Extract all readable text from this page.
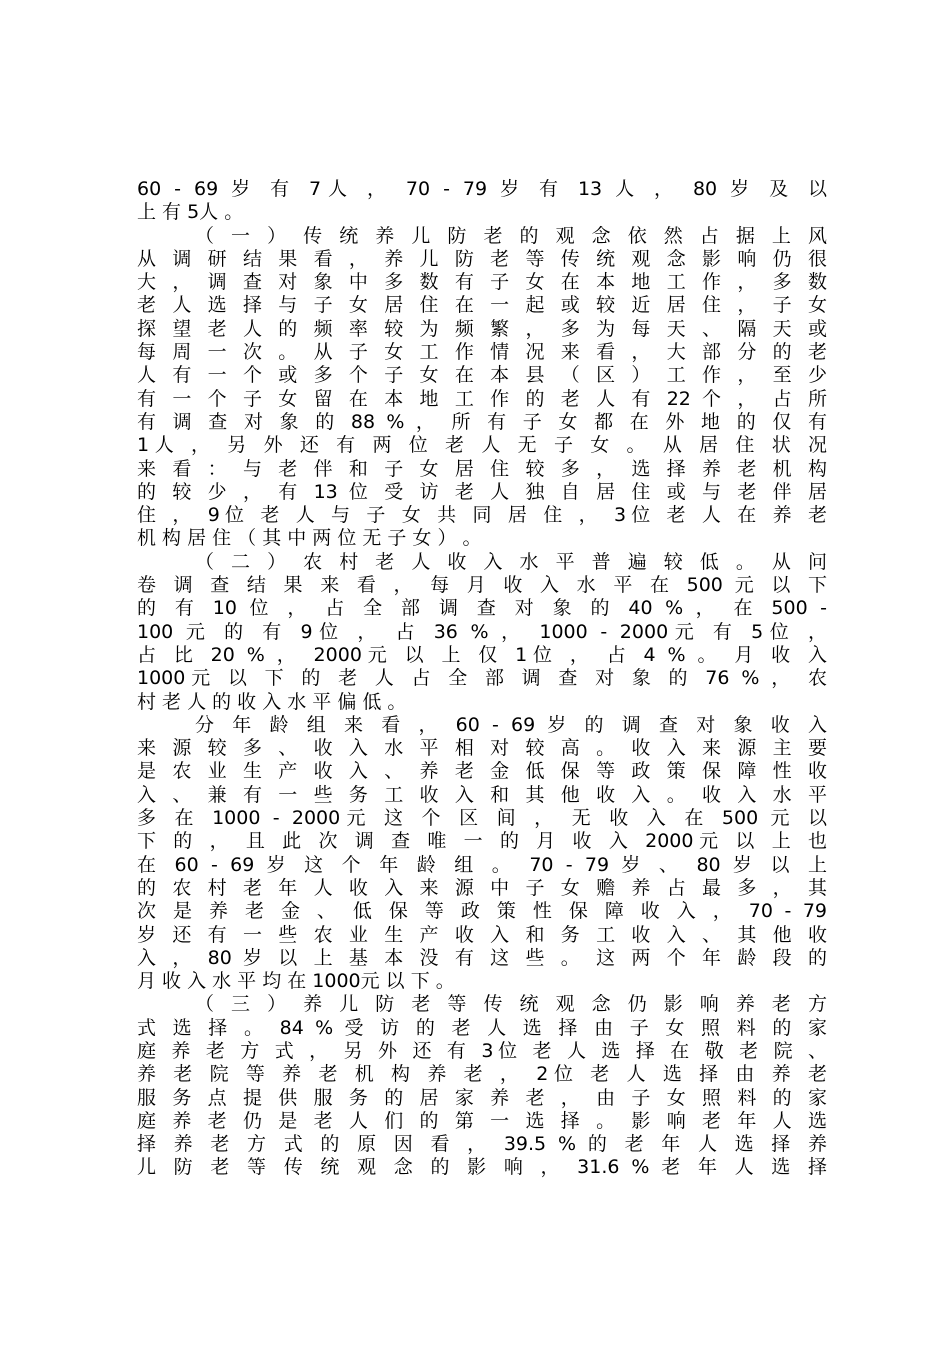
60 - 69 岁 有 7人 ， 70 - 79 岁 有 13 人 ， 80 岁 及 以
上 有 5人 。
（ 一 ） 传 统 养 儿 防 老 的 观 念 依 然 占 据 上 风
从 调 研 结 果 看 ， 养 儿 防 老 等 传 统 观 念 影 响 仍 很
大 ， 调 查 对 象 中 多 数 有 子 女 在 本 地 工 作 ， 多 数
老 人 选 择 与 子 女 居 住 在 一 起 或 较 近 居 住 ， 子 女
探 望 老 人 的 频 率 较 为 频 繁 ， 多 为 每 天 、 隔 天 或
每 周 一 次 。 从 子 女 工 作 情 况 来 看 ， 大 部 分 的 老
人 有 一 个 或 多 个 子 女 在 本 县 （ 区 ） 工 作 ， 至 少
有 一 个 子 女 留 在 本 地 工 作 的 老 人 有 22 个 ， 占 所
有 调 查 对 象 的 88 % ， 所 有 子 女 都 在 外 地 的 仅 有
1人 ， 另 外 还 有 两 位 老 人 无 子 女 。 从 居 住 状 况
来 看 ： 与 老 伴 和 子 女 居 住 较 多 ， 选 择 养 老 机 构
的 较 少 ， 有 13 位 受 访 老 人 独 自 居 住 或 与 老 伴 居
住 ， 9位 老 人 与 子 女 共 同 居 住 ， 3位 老 人 在 养 老
机 构 居 住 （ 其 中 两 位 无 子 女 ） 。
（ 二 ） 农 村 老 人 收 入 水 平 普 遍 较 低 。 从 问
卷 调 查 结 果 来 看 ， 每 月 收 入 水 平 在 500 元 以 下
的 有 10 位 ， 占 全 部 调 查 对 象 的 40 % ， 在 500 -
100 元 的 有 9位 ， 占 36 % ， 1000 - 2000元 有 5位 ，
占 比 20 % ， 2000元 以 上 仅 1位 ， 占 4 % 。 月 收 入
1000元 以 下 的 老 人 占 全 部 调 查 对 象 的 76 % ， 农
村 老 人 的 收 入 水 平 偏 低 。
分 年 龄 组 来 看 ， 60 - 69 岁 的 调 查 对 象 收 入
来 源 较 多 、 收 入 水 平 相 对 较 高 。 收 入 来 源 主 要
是 农 业 生 产 收 入 、 养 老 金 低 保 等 政 策 保 障 性 收
入 、 兼 有 一 些 务 工 收 入 和 其 他 收 入 。 收 入 水 平
多 在 1000 - 2000元 这 个 区 间 ， 无 收 入 在 500 元 以
下 的 ， 且 此 次 调 查 唯 一 的 月 收 入 2000元 以 上 也
在 60 - 69 岁 这 个 年 龄 组 。 70 - 79 岁 、 80 岁 以 上
的 农 村 老 年 人 收 入 来 源 中 子 女 赡 养 占 最 多 ， 其
次 是 养 老 金 、 低 保 等 政 策 性 保 障 收 入 ， 70 - 79
岁 还 有 一 些 农 业 生 产 收 入 和 务 工 收 入 、 其 他 收
入 ， 80 岁 以 上 基 本 没 有 这 些 。 这 两 个 年 龄 段 的
月 收 入 水 平 均 在 1000元 以 下 。
（ 三 ） 养 儿 防 老 等 传 统 观 念 仍 影 响 养 老 方
式 选 择 。 84 % 受 访 的 老 人 选 择 由 子 女 照 料 的 家
庭 养 老 方 式 ， 另 外 还 有 3位 老 人 选 择 在 敬 老 院 、
养 老 院 等 养 老 机 构 养 老 ， 2位 老 人 选 择 由 养 老
服 务 点 提 供 服 务 的 居 家 养 老 ， 由 子 女 照 料 的 家
庭 养 老 仍 是 老 人 们 的 第 一 选 择 。 影 响 老 年 人 选
择 养 老 方 式 的 原 因 看 ， 39.5 % 的 老 年 人 选 择 养
儿 防 老 等 传 统 观 念 的 影 响 ， 31.6 % 老 年 人 选 择
